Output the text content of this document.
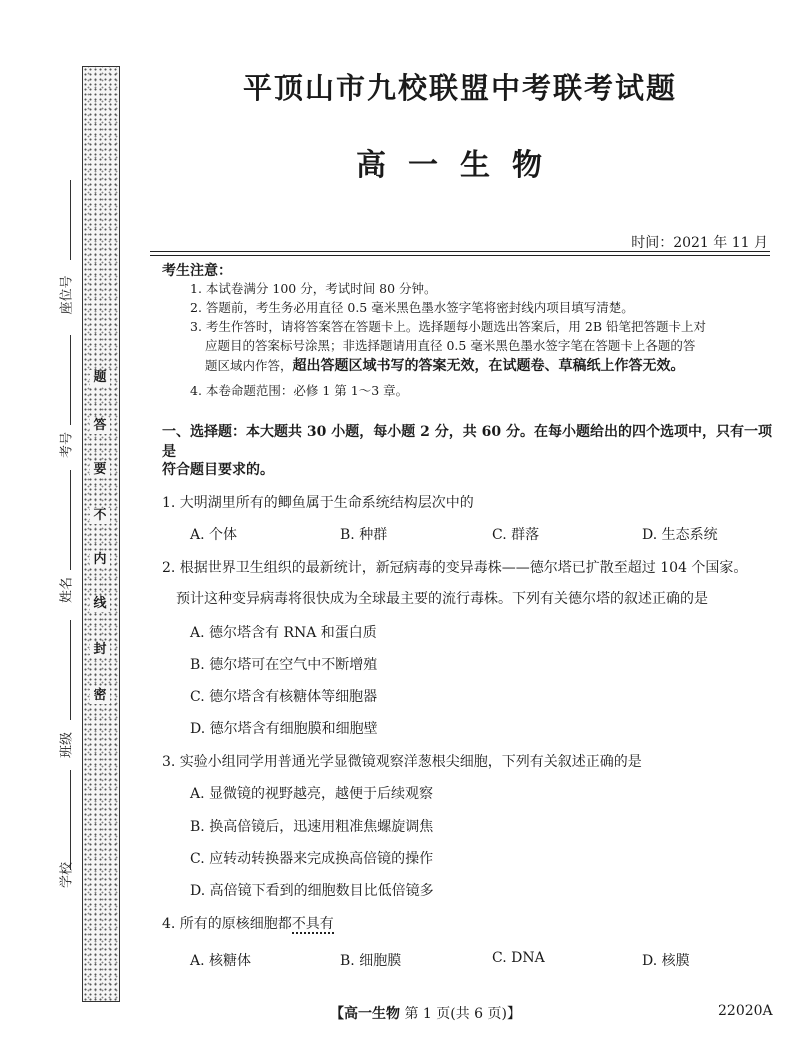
题
答
要
不
内
线
封
密
座位号
考号
姓名
班级
学校
平顶山市九校联盟中考联考试题
高一生物
时间：2021 年 11 月
考生注意：
1. 本试卷满分 100 分，考试时间 80 分钟。
2. 答题前，考生务必用直径 0.5 毫米黑色墨水签字笔将密封线内项目填写清楚。
3. 考生作答时，请将答案答在答题卡上。选择题每小题选出答案后，用 2B 铅笔把答题卡上对
应题目的答案标号涂黑；非选择题请用直径 0.5 毫米黑色墨水签字笔在答题卡上各题的答
题区域内作答，超出答题区域书写的答案无效，在试题卷、草稿纸上作答无效。
4. 本卷命题范围：必修 1 第 1～3 章。
一、选择题：本大题共 30 小题，每小题 2 分，共 60 分。在每小题给出的四个选项中，只有一项是
符合题目要求的。
1. 大明湖里所有的鲫鱼属于生命系统结构层次中的
A. 个体	B. 种群	C. 群落	D. 生态系统
2. 根据世界卫生组织的最新统计，新冠病毒的变异毒株——德尔塔已扩散至超过 104 个国家。
预计这种变异病毒将很快成为全球最主要的流行毒株。下列有关德尔塔的叙述正确的是
A. 德尔塔含有 RNA 和蛋白质
B. 德尔塔可在空气中不断增殖
C. 德尔塔含有核糖体等细胞器
D. 德尔塔含有细胞膜和细胞壁
3. 实验小组同学用普通光学显微镜观察洋葱根尖细胞，下列有关叙述正确的是
A. 显微镜的视野越亮，越便于后续观察
B. 换高倍镜后，迅速用粗准焦螺旋调焦
C. 应转动转换器来完成换高倍镜的操作
D. 高倍镜下看到的细胞数目比低倍镜多
4. 所有的原核细胞都不具有
A. 核糖体	B. 细胞膜	C. DNA	D. 核膜
【高一生物 第 1 页(共 6 页)】	22020A
